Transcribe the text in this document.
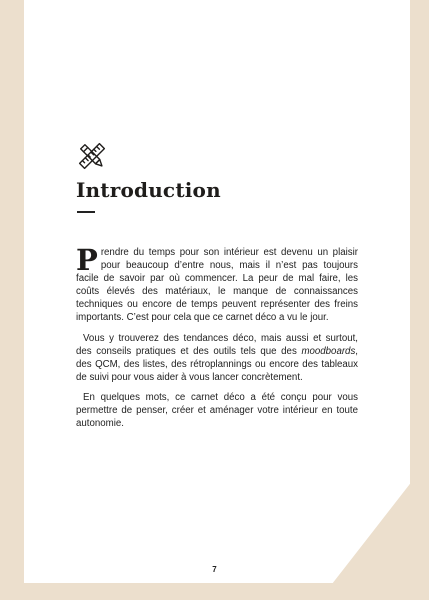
Introduction

Prendre du temps pour son intérieur est devenu un plaisir pour beaucoup d’entre nous, mais il n’est pas toujours facile de savoir par où commencer. La peur de mal faire, les coûts élevés des matériaux, le manque de connaissances techniques ou encore de temps peuvent représenter des freins importants. C’est pour cela que ce carnet déco a vu le jour.

Vous y trouverez des tendances déco, mais aussi et surtout, des conseils pratiques et des outils tels que des moodboards, des QCM, des listes, des rétroplannings ou encore des tableaux de suivi pour vous aider à vous lancer concrètement.

En quelques mots, ce carnet déco a été conçu pour vous permettre de penser, créer et aménager votre intérieur en toute autonomie.

7
